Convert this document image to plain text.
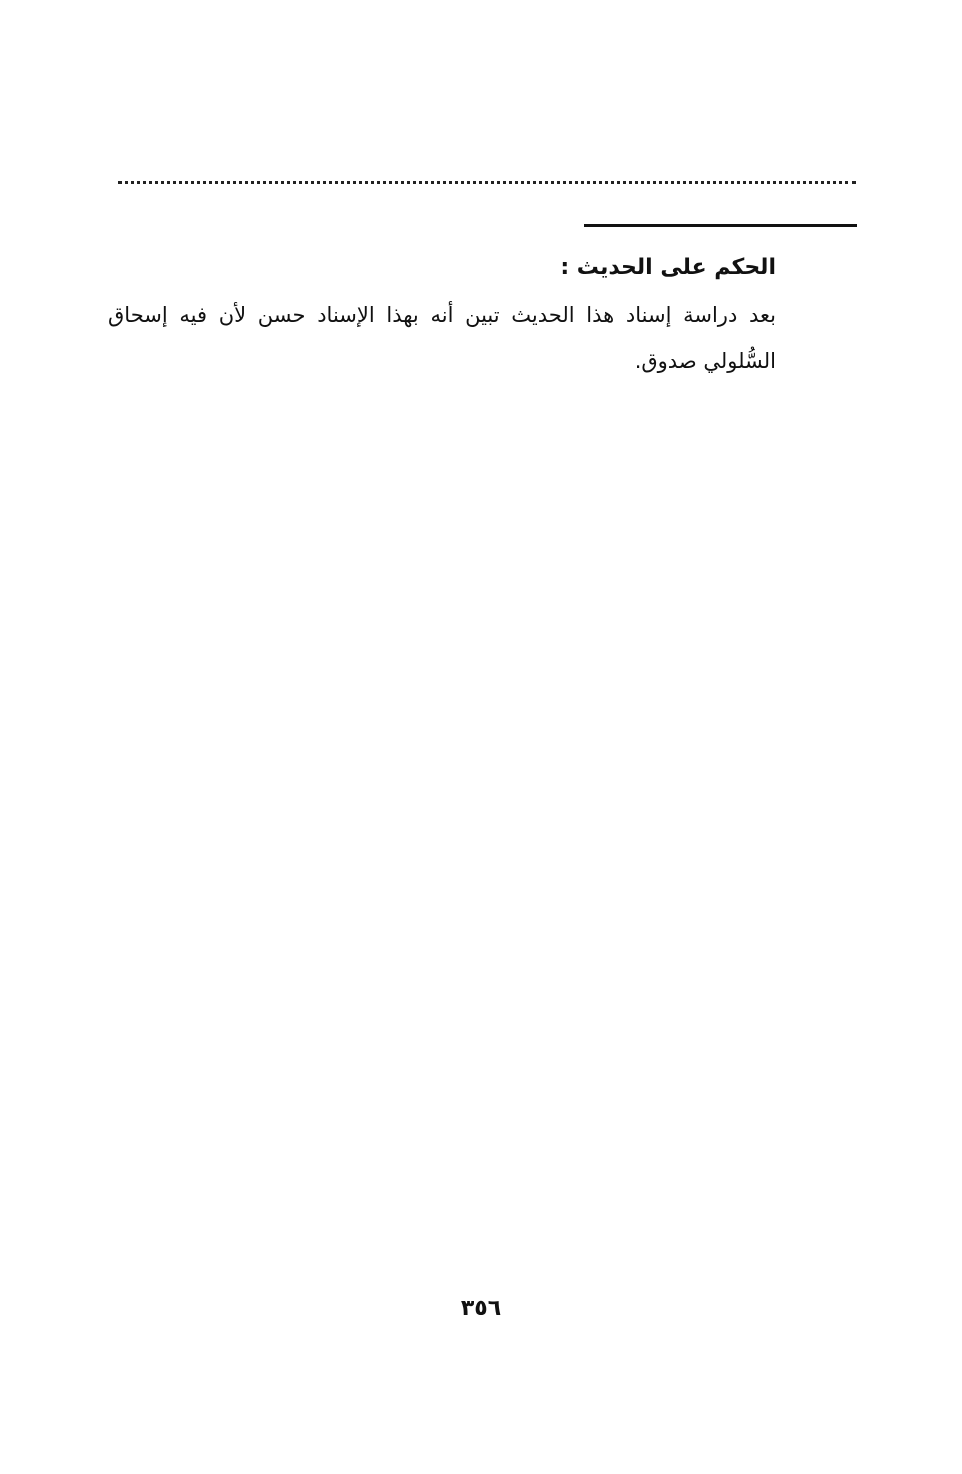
الحكم على الحديث :
بعد دراسة إسناد هذا الحديث تبين أنه بهذا الإسناد حسن لأن فيه إسحاق السُّلولي صدوق.
٣٥٦
